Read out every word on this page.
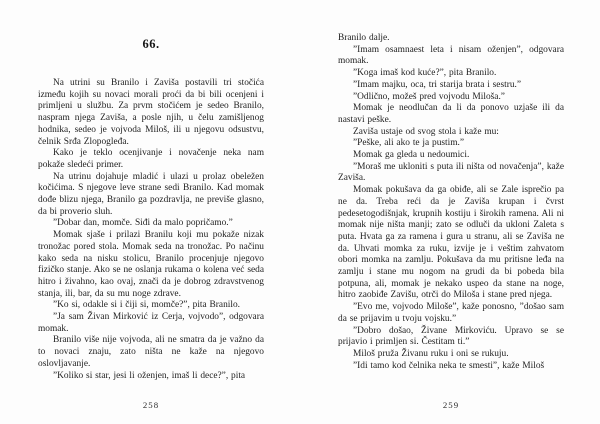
66.

Na utrini su Branilo i Zaviša postavili tri stočića između kojih su novaci morali proći da bi bili ocenjeni i primljeni u službu. Za prvm stočićem je sedeo Branilo, naspram njega Zaviša, a posle njih, u čelu zamišljenog hodnika, sedeo je vojvoda Miloš, ili u njegovu odsustvu, čelnik Srđa Zlopogleđa.

Kako je teklo ocenjivanje i novačenje neka nam pokaže sledeći primer.

Na utrinu dojahuje mladić i ulazi u prolaz obeležen kočićima. S njegove leve strane sedi Branilo. Kad momak dođe blizu njega, Branilo ga pozdravlja, ne previše glasno, da bi proverio sluh.

”Dobar dan, momče. Siđi da malo popričamo.”

Momak sjaše i prilazi Branilu koji mu pokaže nizak tronožac pored stola. Momak seda na tronožac. Po načinu kako seda na nisku stolicu, Branilo procenjuje njegovo fizičko stanje. Ako se ne oslanja rukama o kolena već seda hitro i živahno, kao ovaj, znači da je dobrog zdravstvenog stanja, ili, bar, da su mu noge zdrave.

”Ko si, odakle si i čiji si, momče?”, pita Branilo.

”Ja sam Živan Mirković iz Cerja, vojvodo”, odgovara momak.

Branilo više nije vojvoda, ali ne smatra da je važno da to novaci znaju, zato ništa ne kaže na njegovo oslovljavanje.

”Koliko si star, jesi li oženjen, imaš li dece?”, pita

258

Branilo dalje.

”Imam osamnaest leta i nisam oženjen”, odgovara momak.

”Koga imaš kod kuće?”, pita Branilo.

”Imam majku, oca, tri starija brata i sestru.”

”Odlično, možeš pred vojvodu Miloša.”

Momak je neodlučan da li da ponovo uzjaše ili da nastavi peške.

Zaviša ustaje od svog stola i kaže mu:

”Peške, ali ako te ja pustim.”

Momak ga gleda u nedoumici.

”Moraš me ukloniti s puta ili ništa od novačenja”, kaže Zaviša.

Momak pokušava da ga obiđe, ali se Zale isprečio pa ne da. Treba reći da je Zaviša krupan i čvrst pedesetogodišnjak, krupnih kostiju i širokih ramena. Ali ni momak nije ništa manji; zato se odluči da ukloni Zaleta s puta. Hvata ga za ramena i gura u stranu, ali se Zaviša ne da. Uhvati momka za ruku, izvije je i veštim zahvatom obori momka na zamlju. Pokušava da mu pritisne leđa na zamlju i stane mu nogom na grudi da bi pobeda bila potpuna, ali, momak je nekako uspeo da stane na noge, hitro zaobiđe Zavišu, otrči do Miloša i stane pred njega.

”Evo me, vojvodo Miloše”, kaže ponosno, ”došao sam da se prijavim u tvoju vojsku.”

”Dobro došao, Živane Mirkoviću. Upravo se se prijavio i primljen si. Čestitam ti.”

Miloš pruža Živanu ruku i oni se rukuju.

”Idi tamo kod čelnika neka te smesti”, kaže Miloš

259
